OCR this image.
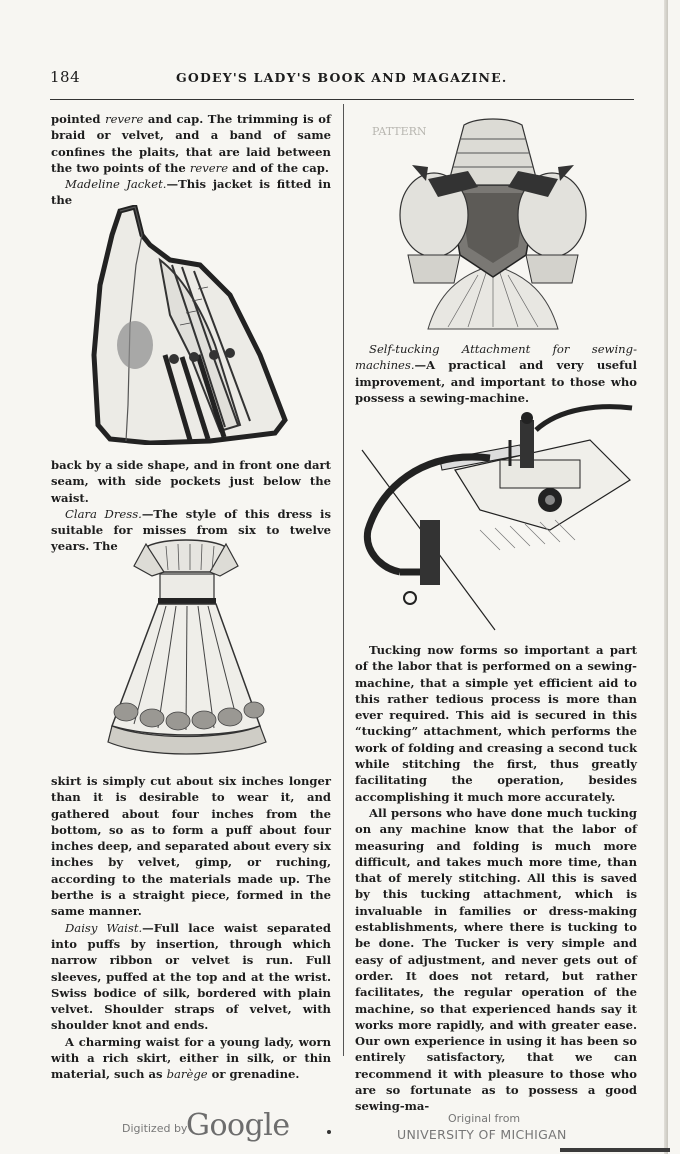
184	GODEY'S LADY'S BOOK AND MAGAZINE.

pointed revere and cap. The trimming is of braid or velvet, and a band of same confines the plaits, that are laid between the two points of the revere and of the cap.

Madeline Jacket.—This jacket is fitted in the

back by a side shape, and in front one dart seam, with side pockets just below the waist.

Clara Dress.—The style of this dress is suitable for misses from six to twelve years. The

skirt is simply cut about six inches longer than it is desirable to wear it, and gathered about four inches from the bottom, so as to form a puff about four inches deep, and separated about every six inches by velvet, gimp, or ruching, according to the materials made up. The berthe is a straight piece, formed in the same manner.

Daisy Waist.—Full lace waist separated into puffs by insertion, through which narrow ribbon or velvet is run. Full sleeves, puffed at the top and at the wrist. Swiss bodice of silk, bordered with plain velvet. Shoulder straps of velvet, with shoulder knot and ends.

A charming waist for a young lady, worn with a rich skirt, either in silk, or thin material, such as barège or grenadine.

PATTERN

Self-tucking Attachment for sewing-machines.—A practical and very useful improvement, and important to those who possess a sewing-machine.

Tucking now forms so important a part of the labor that is performed on a sewing-machine, that a simple yet efficient aid to this rather tedious process is more than ever required. This aid is secured in this “tucking” attachment, which performs the work of folding and creasing a second tuck while stitching the first, thus greatly facilitating the operation, besides accomplishing it much more accurately.

All persons who have done much tucking on any machine know that the labor of measuring and folding is much more difficult, and takes much more time, than that of merely stitching. All this is saved by this tucking attachment, which is invaluable in families or dress-making establishments, where there is tucking to be done. The Tucker is very simple and easy of adjustment, and never gets out of order. It does not retard, but rather facilitates, the regular operation of the machine, so that experienced hands say it works more rapidly, and with greater ease. Our own experience in using it has been so entirely satisfactory, that we can recommend it with pleasure to those who are so fortunate as to possess a good sewing-ma-

Digitized by
Google	Original from
UNIVERSITY OF MICHIGAN
